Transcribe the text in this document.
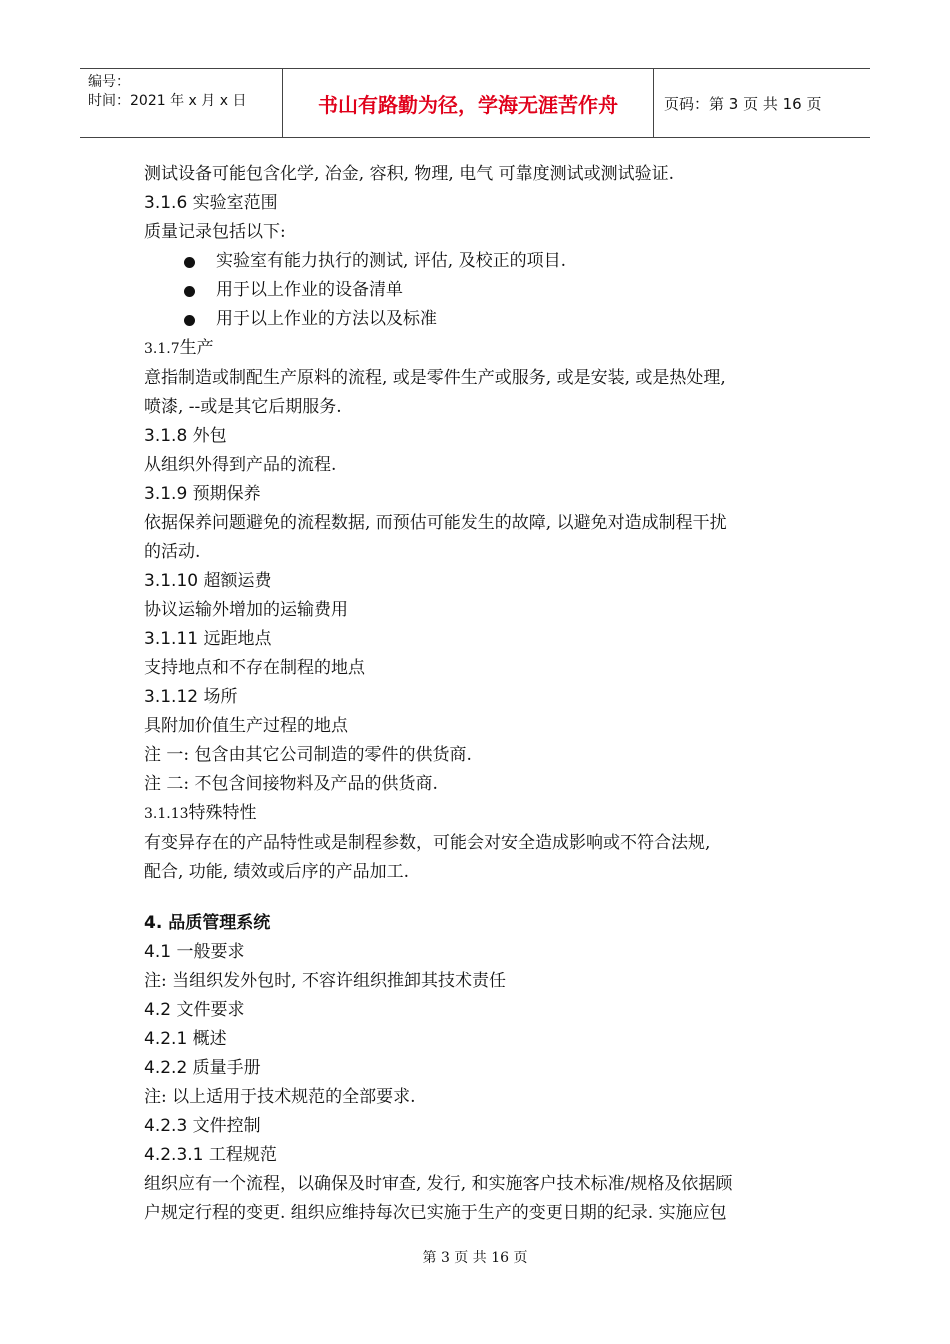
编号：
时间：2021 年 x 月 x 日	书山有路勤为径，学海无涯苦作舟	页码：第 3 页 共 16 页
测试设备可能包含化学, 冶金, 容积, 物理, 电气 可靠度测试或测试验证.
3.1.6 实验室范围
质量记录包括以下:
实验室有能力执行的测试, 评估, 及校正的项目.
用于以上作业的设备清单
用于以上作业的方法以及标准
3.1.7生产
意指制造或制配生产原料的流程, 或是零件生产或服务, 或是安装, 或是热处理,
喷漆, --或是其它后期服务.
3.1.8 外包
从组织外得到产品的流程.
3.1.9 预期保养
依据保养问题避免的流程数据, 而预估可能发生的故障, 以避免对造成制程干扰
的活动.
3.1.10 超额运费
协议运输外增加的运输费用
3.1.11 远距地点
支持地点和不存在制程的地点
3.1.12 场所
具附加价值生产过程的地点
注 一: 包含由其它公司制造的零件的供货商.
注 二: 不包含间接物料及产品的供货商.
3.1.13特殊特性
有变异存在的产品特性或是制程参数，可能会对安全造成影响或不符合法规,
配合, 功能, 绩效或后序的产品加工.
4. 品质管理系统
4.1 一般要求
注: 当组织发外包时, 不容许组织推卸其技术责任
4.2 文件要求
4.2.1 概述
4.2.2 质量手册
注: 以上适用于技术规范的全部要求.
4.2.3 文件控制
4.2.3.1 工程规范
组织应有一个流程，以确保及时审查, 发行, 和实施客户技术标准/规格及依据顾
户规定行程的变更. 组织应维持每次已实施于生产的变更日期的纪录. 实施应包
第 3 页 共 16 页
